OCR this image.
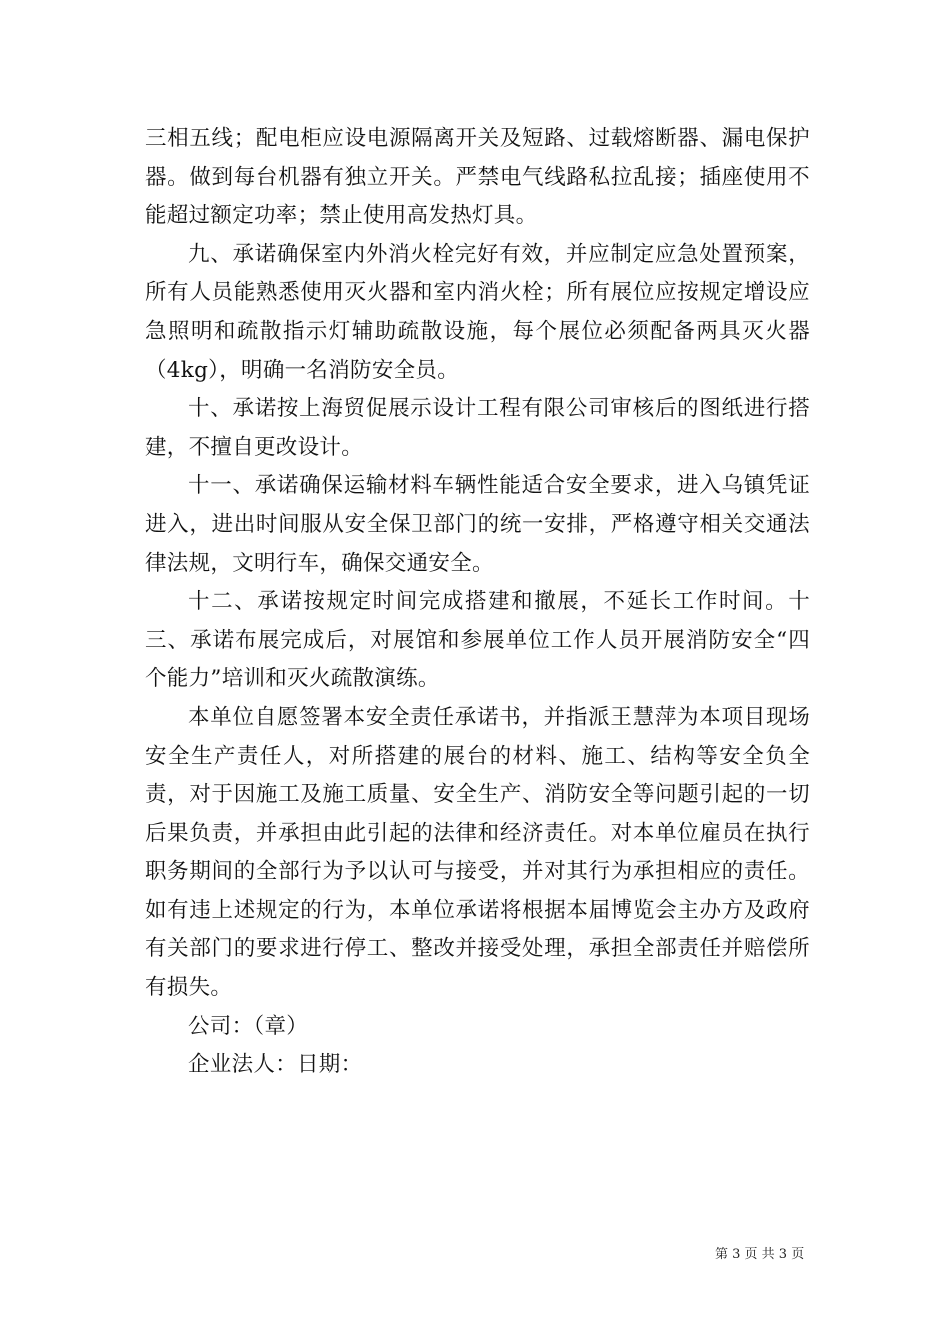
三相五线；配电柜应设电源隔离开关及短路、过载熔断器、漏电保护器。做到每台机器有独立开关。严禁电气线路私拉乱接；插座使用不能超过额定功率；禁止使用高发热灯具。

九、承诺确保室内外消火栓完好有效，并应制定应急处置预案，所有人员能熟悉使用灭火器和室内消火栓；所有展位应按规定增设应急照明和疏散指示灯辅助疏散设施，每个展位必须配备两具灭火器（4kg），明确一名消防安全员。

十、承诺按上海贸促展示设计工程有限公司审核后的图纸进行搭建，不擅自更改设计。

十一、承诺确保运输材料车辆性能适合安全要求，进入乌镇凭证进入，进出时间服从安全保卫部门的统一安排，严格遵守相关交通法律法规，文明行车，确保交通安全。

十二、承诺按规定时间完成搭建和撤展，不延长工作时间。十三、承诺布展完成后，对展馆和参展单位工作人员开展消防安全“四个能力”培训和灭火疏散演练。

本单位自愿签署本安全责任承诺书，并指派王慧萍为本项目现场安全生产责任人，对所搭建的展台的材料、施工、结构等安全负全责，对于因施工及施工质量、安全生产、消防安全等问题引起的一切后果负责，并承担由此引起的法律和经济责任。对本单位雇员在执行职务期间的全部行为予以认可与接受，并对其行为承担相应的责任。如有违上述规定的行为，本单位承诺将根据本届博览会主办方及政府有关部门的要求进行停工、整改并接受处理，承担全部责任并赔偿所有损失。

公司：（章）

企业法人：日期：

第 3 页 共 3 页
